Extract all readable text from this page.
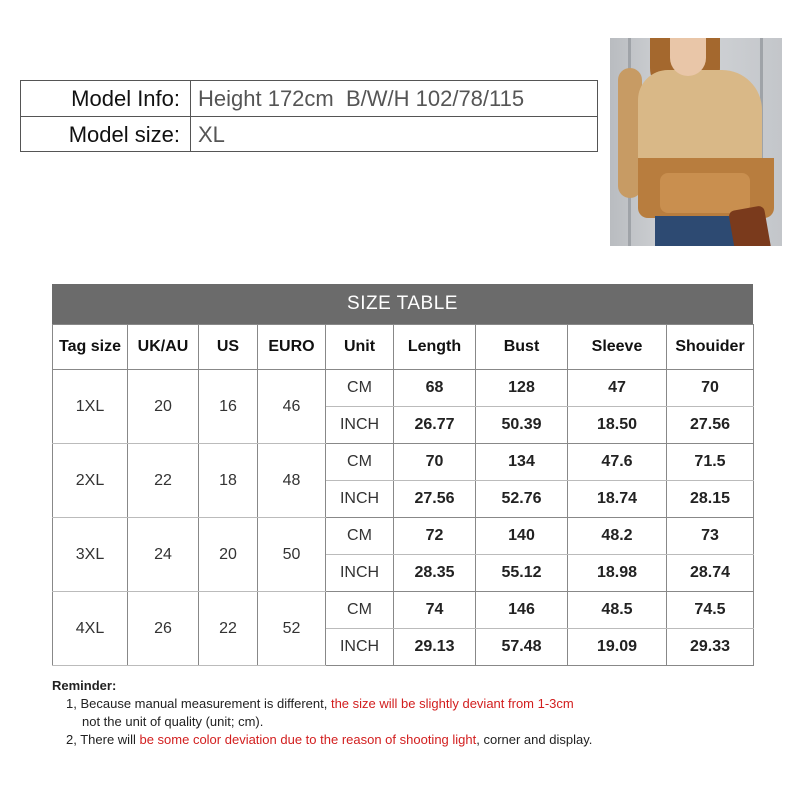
Model Info: Height 172cm  B/W/H 102/78/115
Model size: XL
SIZE TABLE
Tag size	UK/AU	US	EURO	Unit	Length	Bust	Sleeve	Shouider
1XL	20	16	46	CM	68	128	47	70
				INCH	26.77	50.39	18.50	27.56
2XL	22	18	48	CM	70	134	47.6	71.5
				INCH	27.56	52.76	18.74	28.15
3XL	24	20	50	CM	72	140	48.2	73
				INCH	28.35	55.12	18.98	28.74
4XL	26	22	52	CM	74	146	48.5	74.5
				INCH	29.13	57.48	19.09	29.33
Reminder:
1, Because manual measurement is different, the size will be slightly deviant from 1-3cm
not the unit of quality (unit; cm).
2, There will be some color deviation due to the reason of shooting light, corner and display.
